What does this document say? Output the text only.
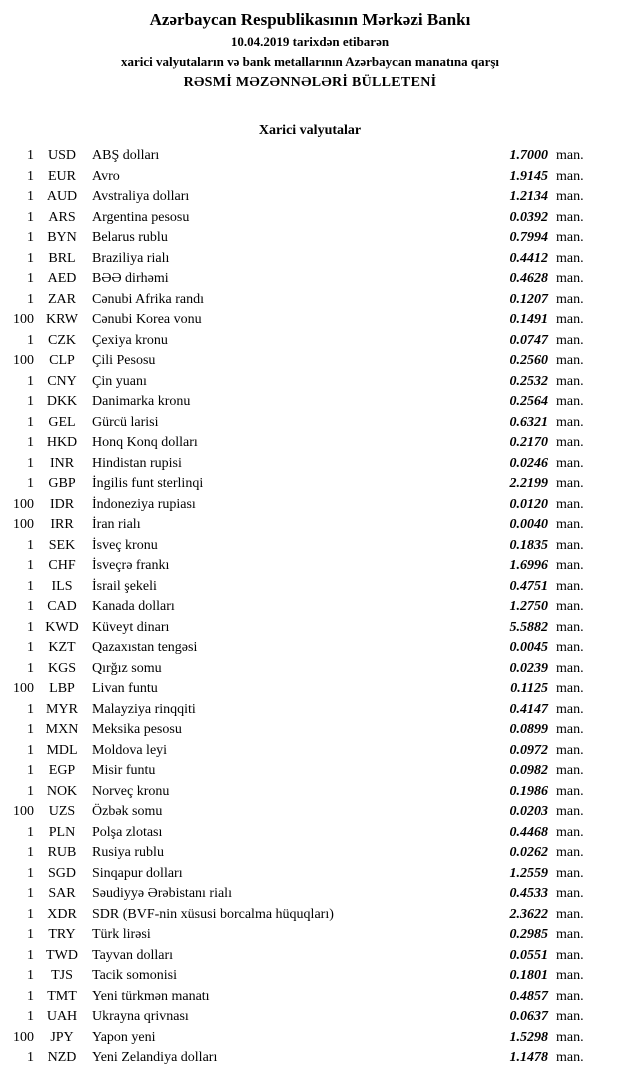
Azərbaycan Respublikasının Mərkəzi Bankı
10.04.2019 tarixdən etibarən
xarici valyutaların və bank metallarının Azərbaycan manatına qarşı
RƏSMİ MƏZƏNNƏLƏRİ BÜLLETENİ
Xarici valyutalar
1 USD	ABŞ dolları	1.7000 man.
1	EUR	Avro	1.9145 man.
1 AUD	Avstraliya dolları	1.2134 man.
1	ARS	Argentina pesosu	0.0392 man.
1 BYN	Belarus rublu	0.7994 man.
1	BRL	Braziliya rialı	0.4412 man.
1 AED	BƏƏ dirhəmi	0.4628 man.
1	ZAR	Cənubi Afrika randı	0.1207 man.
100 KRW	Cənubi Korea vonu	0.1491 man.
1	CZK	Çexiya kronu	0.0747 man.
100	CLP	Çili Pesosu	0.2560 man.
1 CNY	Çin yuanı	0.2532 man.
1 DKK	Danimarka kronu	0.2564 man.
1	GEL	Gürcü larisi	0.6321 man.
1 HKD	Honq Konq dolları	0.2170 man.
1	INR	Hindistan rupisi	0.0246 man.
1	GBP	İngilis funt sterlinqi	2.2199 man.
100	IDR	İndoneziya rupiası	0.0120 man.
100	IRR	İran rialı	0.0040 man.
1	SEK	İsveç kronu	0.1835 man.
1	CHF	İsveçrə frankı	1.6996 man.
1	ILS	İsrail şekeli	0.4751 man.
1 CAD	Kanada dolları	1.2750 man.
1 KWD Küveyt dinarı	5.5882 man.
1	KZT	Qazaxıstan tengəsi	0.0045 man.
1 KGS	Qırğız somu	0.0239 man.
100	LBP	Livan funtu	0.1125 man.
1 MYR	Malayziya rinqqiti	0.4147 man.
1 MXN Meksika pesosu	0.0899 man.
1 MDL	Moldova leyi	0.0972 man.
1	EGP	Misir funtu	0.0982 man.
1 NOK	Norveç kronu	0.1986 man.
100	UZS	Özbək somu	0.0203 man.
1	PLN	Polşa zlotası	0.4468 man.
1 RUB	Rusiya rublu	0.0262 man.
1 SGD	Sinqapur dolları	1.2559 man.
1	SAR	Səudiyyə Ərəbistanı rialı	0.4533 man.
1 XDR	SDR (BVF-nin xüsusi borcalma hüquqları)	2.3622 man.
1	TRY	Türk lirəsi	0.2985 man.
1 TWD	Tayvan dolları	0.0551 man.
1	TJS	Tacik somonisi	0.1801 man.
1 TMT	Yeni türkmən manatı	0.4857 man.
1 UAH	Ukrayna qrivnası	0.0637 man.
100	JPY	Yapon yeni	1.5298 man.
1 NZD	Yeni Zelandiya dolları	1.1478 man.
